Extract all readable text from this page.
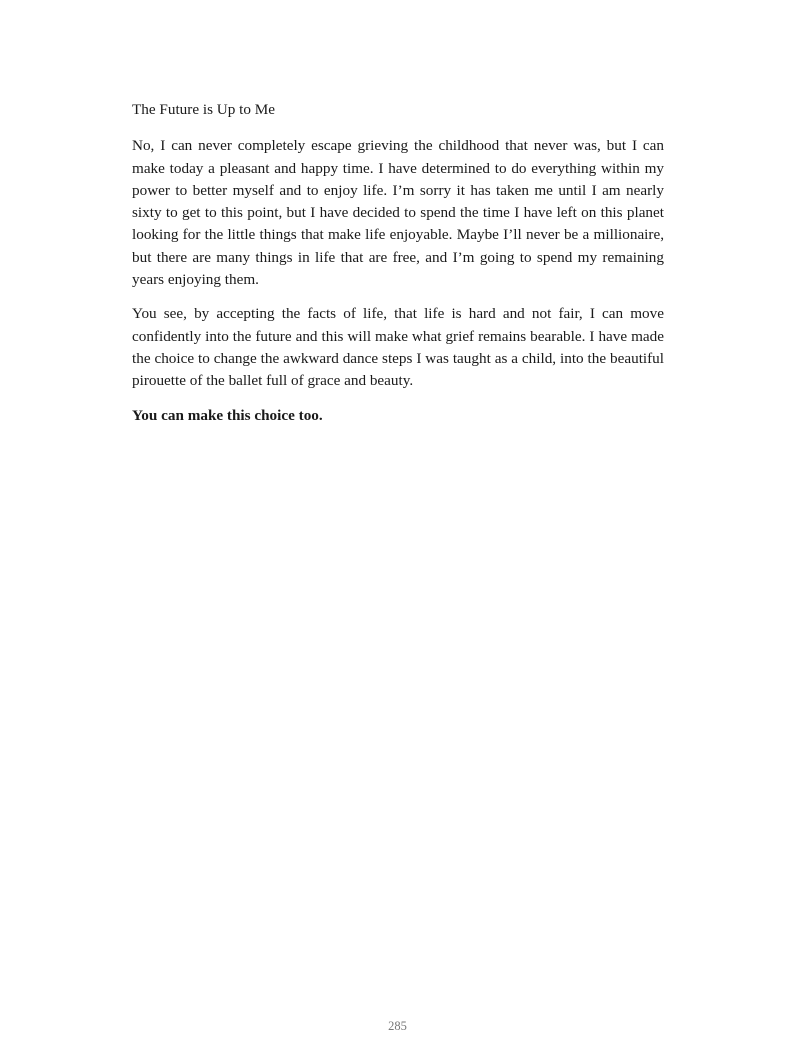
The Future is Up to Me

No, I can never completely escape grieving the childhood that never was, but I can make today a pleasant and happy time. I have determined to do everything within my power to better myself and to enjoy life. I’m sorry it has taken me until I am nearly sixty to get to this point, but I have decided to spend the time I have left on this planet looking for the little things that make life enjoyable. Maybe I’ll never be a millionaire, but there are many things in life that are free, and I’m going to spend my remaining years enjoying them.

You see, by accepting the facts of life, that life is hard and not fair, I can move confidently into the future and this will make what grief remains bearable. I have made the choice to change the awkward dance steps I was taught as a child, into the beautiful pirouette of the ballet full of grace and beauty.

You can make this choice too.

285
